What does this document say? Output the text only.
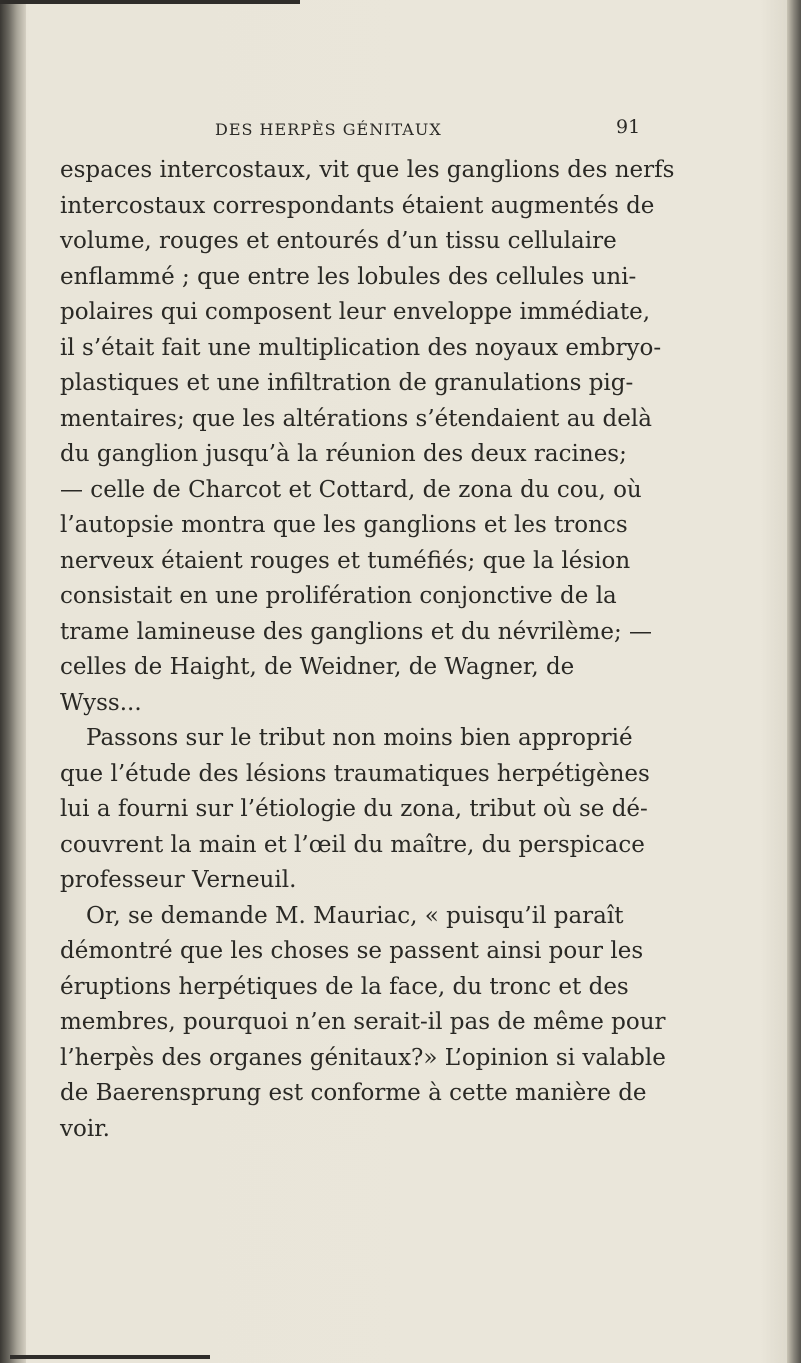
DES HERPÈS GÉNITAUX	91
espaces intercostaux, vit que les ganglions des nerfs
intercostaux correspondants étaient augmentés de
volume, rouges et entourés d’un tissu cellulaire
enflammé ; que entre les lobules des cellules uni-
polaires qui composent leur enveloppe immédiate,
il s’était fait une multiplication des noyaux embryo-
plastiques et une infiltration de granulations pig-
mentaires; que les altérations s’étendaient au delà
du ganglion jusqu’à la réunion des deux racines;
— celle de Charcot et Cottard, de zona du cou, où
l’autopsie montra que les ganglions et les troncs
nerveux étaient rouges et tuméfiés; que la lésion
consistait en une prolifération conjonctive de la
trame lamineuse des ganglions et du névrilème; —
celles de Haight, de Weidner, de Wagner, de
Wyss...
Passons sur le tribut non moins bien approprié
que l’étude des lésions traumatiques herpétigènes
lui a fourni sur l’étiologie du zona, tribut où se dé-
couvrent la main et l’œil du maître, du perspicace
professeur Verneuil.
Or, se demande M. Mauriac, « puisqu’il paraît
démontré que les choses se passent ainsi pour les
éruptions herpétiques de la face, du tronc et des
membres, pourquoi n’en serait-il pas de même pour
l’herpès des organes génitaux?» L’opinion si valable
de Baerensprung est conforme à cette manière de
voir.
